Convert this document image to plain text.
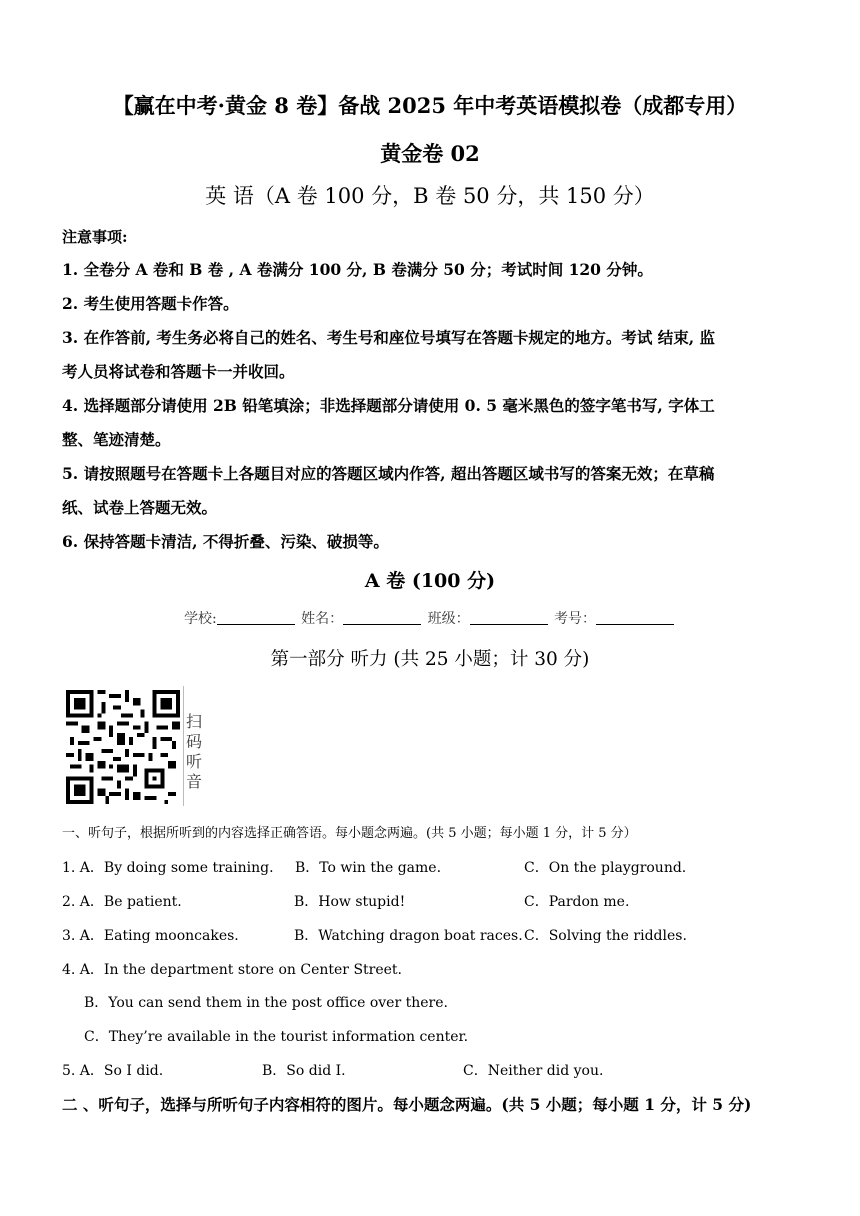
【赢在中考·黄金 8 卷】备战 2025 年中考英语模拟卷（成都专用）
黄金卷 02
英 语（A 卷 100 分，B 卷 50 分，共 150 分）
注意事项:
1. 全卷分 A 卷和 B 卷 , A 卷满分 100 分, B 卷满分 50 分；考试时间 120 分钟。
2. 考生使用答题卡作答。
3. 在作答前, 考生务必将自己的姓名、考生号和座位号填写在答题卡规定的地方。考试 结束, 监
考人员将试卷和答题卡一并收回。
4. 选择题部分请使用 2B 铅笔填涂；非选择题部分请使用 0. 5 毫米黑色的签字笔书写, 字体工
整、笔迹清楚。
5. 请按照题号在答题卡上各题目对应的答题区域内作答, 超出答题区域书写的答案无效；在草稿
纸、试卷上答题无效。
6. 保持答题卡清洁, 不得折叠、污染、破损等。
A 卷 (100 分)
学校:	姓名：	班级：	考号：
第一部分 听力 (共 25 小题；计 30 分)
扫码听音
一、听句子，根据所听到的内容选择正确答语。每小题念两遍。(共 5 小题；每小题 1 分，计 5 分）
1. A．By doing some training. B．To win the game.	C．On the playground.
2. A．Be patient.	B．How stupid!	C．Pardon me.
3. A．Eating mooncakes.	B．Watching dragon boat races. C．Solving the riddles.
4. A．In the department store on Center Street.
B．You can send them in the post office over there.
C．They’re available in the tourist information center.
5. A．So I did.	B．So did I.	C．Neither did you.
二 、听句子，选择与所听句子内容相符的图片。每小题念两遍。(共 5 小题；每小题 1 分，计 5 分)
